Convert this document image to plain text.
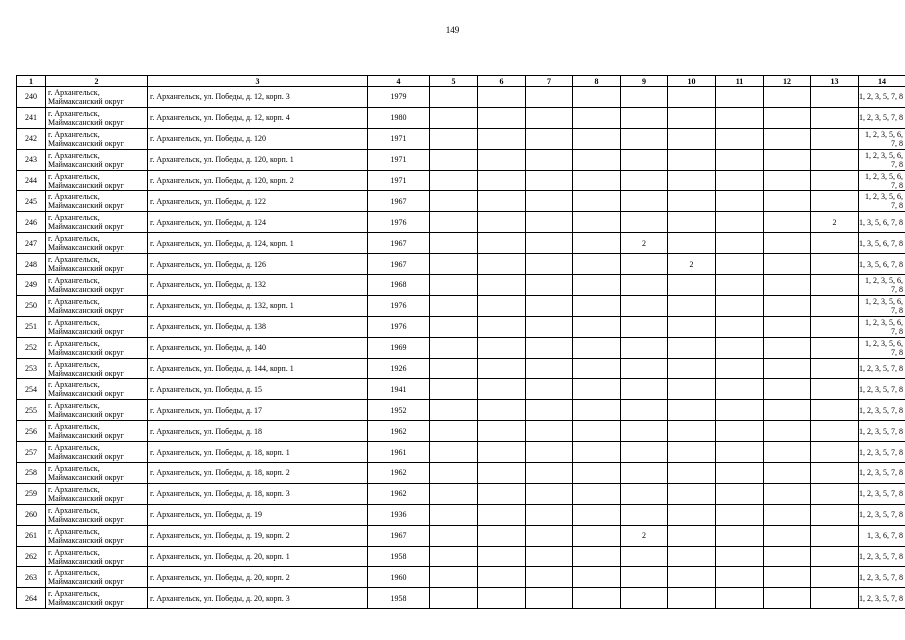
149
1	2	3	4	5	6	7	8	9	10	11	12	13	14
240	г. Архангельск, Маймаксанский округ	г. Архангельск, ул. Победы, д. 12, корп. 3	1979										1, 2, 3, 5, 7, 8
241	г. Архангельск, Маймаксанский округ	г. Архангельск, ул. Победы, д. 12, корп. 4	1980										1, 2, 3, 5, 7, 8
242	г. Архангельск, Маймаксанский округ	г. Архангельск, ул. Победы, д. 120	1971										1, 2, 3, 5, 6, 7, 8
243	г. Архангельск, Маймаксанский округ	г. Архангельск, ул. Победы, д. 120, корп. 1	1971										1, 2, 3, 5, 6, 7, 8
244	г. Архангельск, Маймаксанский округ	г. Архангельск, ул. Победы, д. 120, корп. 2	1971										1, 2, 3, 5, 6, 7, 8
245	г. Архангельск, Маймаксанский округ	г. Архангельск, ул. Победы, д. 122	1967										1, 2, 3, 5, 6, 7, 8
246	г. Архангельск, Маймаксанский округ	г. Архангельск, ул. Победы, д. 124	1976									2	1, 3, 5, 6, 7, 8
247	г. Архангельск, Маймаксанский округ	г. Архангельск, ул. Победы, д. 124, корп. 1	1967					2					1, 3, 5, 6, 7, 8
248	г. Архангельск, Маймаксанский округ	г. Архангельск, ул. Победы, д. 126	1967						2				1, 3, 5, 6, 7, 8
249	г. Архангельск, Маймаксанский округ	г. Архангельск, ул. Победы, д. 132	1968										1, 2, 3, 5, 6, 7, 8
250	г. Архангельск, Маймаксанский округ	г. Архангельск, ул. Победы, д. 132, корп. 1	1976										1, 2, 3, 5, 6, 7, 8
251	г. Архангельск, Маймаксанский округ	г. Архангельск, ул. Победы, д. 138	1976										1, 2, 3, 5, 6, 7, 8
252	г. Архангельск, Маймаксанский округ	г. Архангельск, ул. Победы, д. 140	1969										1, 2, 3, 5, 6, 7, 8
253	г. Архангельск, Маймаксанский округ	г. Архангельск, ул. Победы, д. 144, корп. 1	1926										1, 2, 3, 5, 7, 8
254	г. Архангельск, Маймаксанский округ	г. Архангельск, ул. Победы, д. 15	1941										1, 2, 3, 5, 7, 8
255	г. Архангельск, Маймаксанский округ	г. Архангельск, ул. Победы, д. 17	1952										1, 2, 3, 5, 7, 8
256	г. Архангельск, Маймаксанский округ	г. Архангельск, ул. Победы, д. 18	1962										1, 2, 3, 5, 7, 8
257	г. Архангельск, Маймаксанский округ	г. Архангельск, ул. Победы, д. 18, корп. 1	1961										1, 2, 3, 5, 7, 8
258	г. Архангельск, Маймаксанский округ	г. Архангельск, ул. Победы, д. 18, корп. 2	1962										1, 2, 3, 5, 7, 8
259	г. Архангельск, Маймаксанский округ	г. Архангельск, ул. Победы, д. 18, корп. 3	1962										1, 2, 3, 5, 7, 8
260	г. Архангельск, Маймаксанский округ	г. Архангельск, ул. Победы, д. 19	1936										1, 2, 3, 5, 7, 8
261	г. Архангельск, Маймаксанский округ	г. Архангельск, ул. Победы, д. 19, корп. 2	1967					2					1, 3, 6, 7, 8
262	г. Архангельск, Маймаксанский округ	г. Архангельск, ул. Победы, д. 20, корп. 1	1958										1, 2, 3, 5, 7, 8
263	г. Архангельск, Маймаксанский округ	г. Архангельск, ул. Победы, д. 20, корп. 2	1960										1, 2, 3, 5, 7, 8
264	г. Архангельск, Маймаксанский округ	г. Архангельск, ул. Победы, д. 20, корп. 3	1958										1, 2, 3, 5, 7, 8
